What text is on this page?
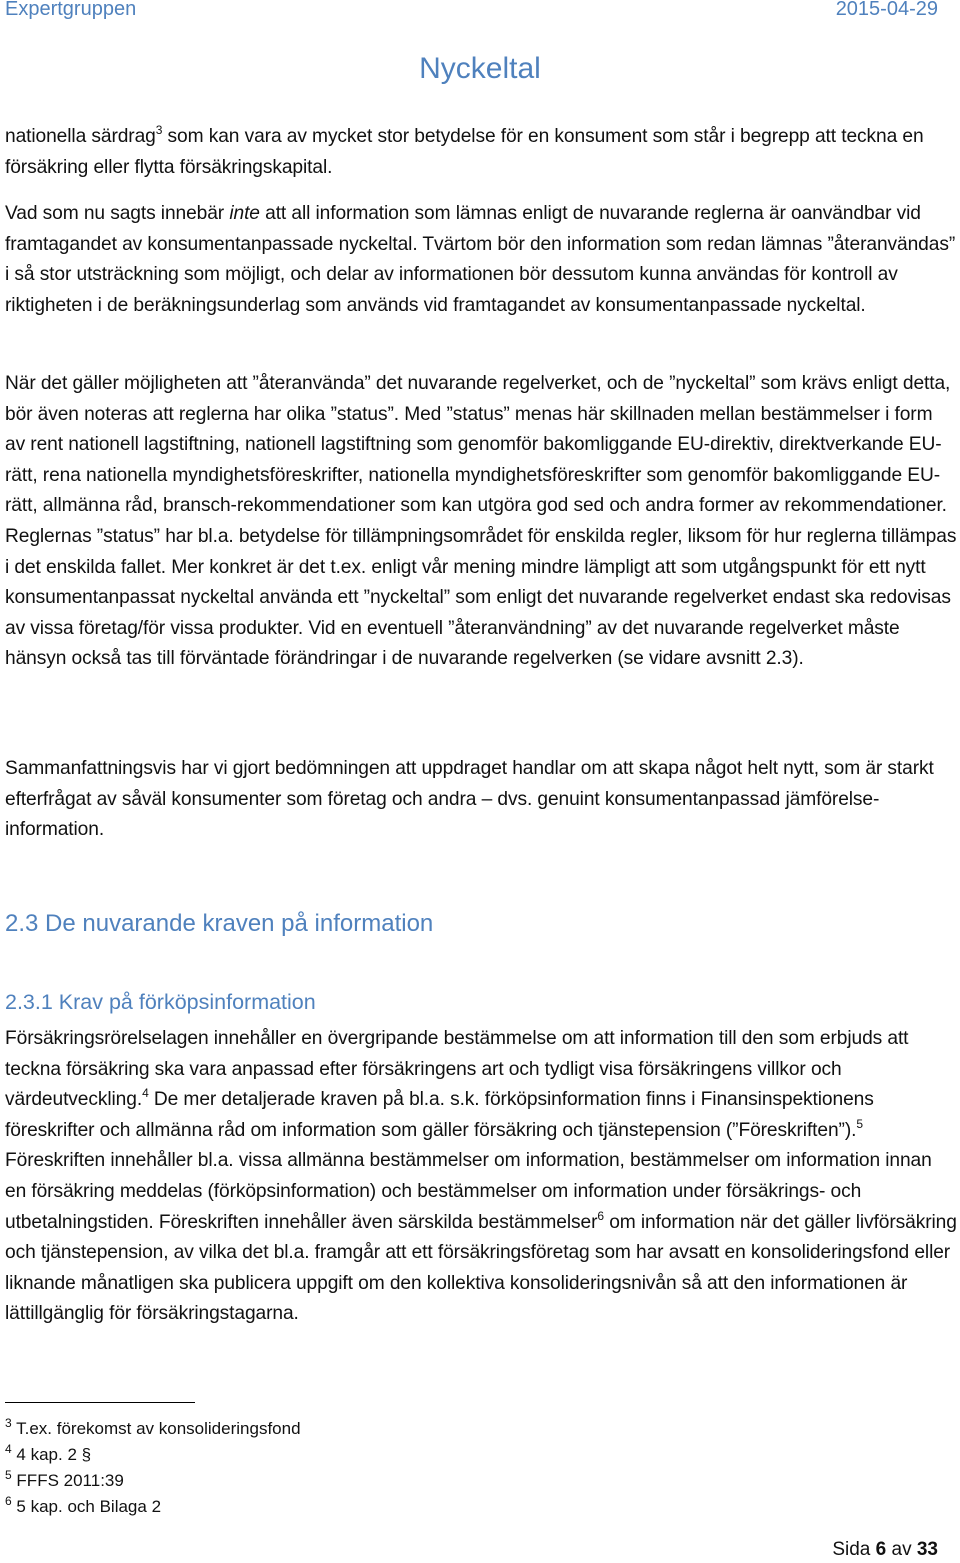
Expertgruppen	2015-04-29
Nyckeltal
nationella särdrag$^3$ som kan vara av mycket stor betydelse för en konsument som står i begrepp att teckna en försäkring eller flytta försäkringskapital.
Vad som nu sagts innebär inte att all information som lämnas enligt de nuvarande reglerna är oanvändbar vid framtagandet av konsumentanpassade nyckeltal. Tvärtom bör den information som redan lämnas ”återanvändas” i så stor utsträckning som möjligt, och delar av informationen bör dessutom kunna användas för kontroll av riktigheten i de beräkningsunderlag som används vid framtagandet av konsumentanpassade nyckeltal.
När det gäller möjligheten att ”återanvända” det nuvarande regelverket, och de ”nyckeltal” som krävs enligt detta, bör även noteras att reglerna har olika ”status”. Med ”status” menas här skillnaden mellan bestämmelser i form av rent nationell lagstiftning, nationell lagstiftning som genomför bakomliggande EU-direktiv, direktverkande EU-rätt, rena nationella myndighetsföreskrifter, nationella myndighetsföreskrifter som genomför bakomliggande EU-rätt, allmänna råd, bransch-rekommendationer som kan utgöra god sed och andra former av rekommendationer. Reglernas ”status” har bl.a. betydelse för tillämpningsområdet för enskilda regler, liksom för hur reglerna tillämpas i det enskilda fallet. Mer konkret är det t.ex. enligt vår mening mindre lämpligt att som utgångspunkt för ett nytt konsumentanpassat nyckeltal använda ett ”nyckeltal” som enligt det nuvarande regelverket endast ska redovisas av vissa företag/för vissa produkter. Vid en eventuell ”återanvändning” av det nuvarande regelverket måste hänsyn också tas till förväntade förändringar i de nuvarande regelverken (se vidare avsnitt 2.3).
Sammanfattningsvis har vi gjort bedömningen att uppdraget handlar om att skapa något helt nytt, som är starkt efterfrågat av såväl konsumenter som företag och andra – dvs. genuint konsumentanpassad jämförelse-information.
2.3 De nuvarande kraven på information
2.3.1 Krav på förköpsinformation
Försäkringsrörelselagen innehåller en övergripande bestämmelse om att information till den som erbjuds att teckna försäkring ska vara anpassad efter försäkringens art och tydligt visa försäkringens villkor och värdeutveckling.$^4$ De mer detaljerade kraven på bl.a. s.k. förköpsinformation finns i Finansinspektionens föreskrifter och allmänna råd om information som gäller försäkring och tjänstepension (”Föreskriften”).$^5$ Föreskriften innehåller bl.a. vissa allmänna bestämmelser om information, bestämmelser om information innan en försäkring meddelas (förköpsinformation) och bestämmelser om information under försäkrings- och utbetalningstiden. Föreskriften innehåller även särskilda bestämmelser$^6$ om information när det gäller livförsäkring och tjänstepension, av vilka det bl.a. framgår att ett försäkringsföretag som har avsatt en konsolideringsfond eller liknande månatligen ska publicera uppgift om den kollektiva konsolideringsnivån så att den informationen är lättillgänglig för försäkringstagarna.
$^3$ T.ex. förekomst av konsolideringsfond
$^4$ 4 kap. 2 §
$^5$ FFFS 2011:39
$^6$ 5 kap. och Bilaga 2
Sida 6 av 33
